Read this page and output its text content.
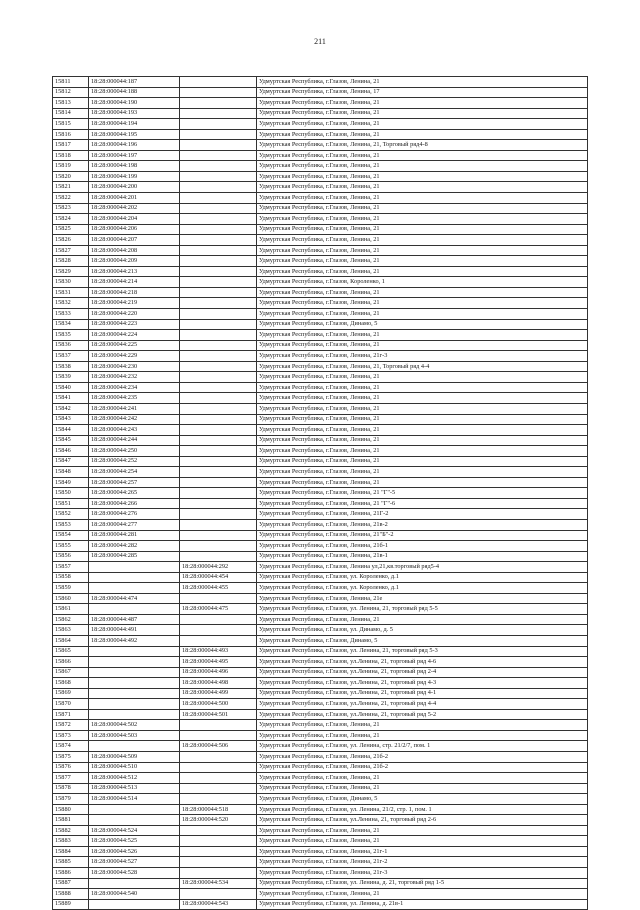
211
15811	18:28:000044:187		Удмуртская Республика, г.Глазов, Ленина, 21
15812	18:28:000044:188		Удмуртская Республика, г.Глазов, Ленина, 17
15813	18:28:000044:190		Удмуртская Республика, г.Глазов, Ленина, 21
15814	18:28:000044:193		Удмуртская Республика, г.Глазов, Ленина, 21
15815	18:28:000044:194		Удмуртская Республика, г.Глазов, Ленина, 21
15816	18:28:000044:195		Удмуртская Республика, г.Глазов, Ленина, 21
15817	18:28:000044:196		Удмуртская Республика, г.Глазов, Ленина, 21, Торговый ряд4-8
15818	18:28:000044:197		Удмуртская Республика, г.Глазов, Ленина, 21
15819	18:28:000044:198		Удмуртская Республика, г.Глазов, Ленина, 21
15820	18:28:000044:199		Удмуртская Республика, г.Глазов, Ленина, 21
15821	18:28:000044:200		Удмуртская Республика, г.Глазов, Ленина, 21
15822	18:28:000044:201		Удмуртская Республика, г.Глазов, Ленина, 21
15823	18:28:000044:202		Удмуртская Республика, г.Глазов, Ленина, 21
15824	18:28:000044:204		Удмуртская Республика, г.Глазов, Ленина, 21
15825	18:28:000044:206		Удмуртская Республика, г.Глазов, Ленина, 21
15826	18:28:000044:207		Удмуртская Республика, г.Глазов, Ленина, 21
15827	18:28:000044:208		Удмуртская Республика, г.Глазов, Ленина, 21
15828	18:28:000044:209		Удмуртская Республика, г.Глазов, Ленина, 21
15829	18:28:000044:213		Удмуртская Республика, г.Глазов, Ленина, 21
15830	18:28:000044:214		Удмуртская Республика, г.Глазов, Короленко, 1
15831	18:28:000044:218		Удмуртская Республика, г.Глазов, Ленина, 21
15832	18:28:000044:219		Удмуртская Республика, г.Глазов, Ленина, 21
15833	18:28:000044:220		Удмуртская Республика, г.Глазов, Ленина, 21
15834	18:28:000044:223		Удмуртская Республика, г.Глазов, Динамо, 5
15835	18:28:000044:224		Удмуртская Республика, г.Глазов, Ленина, 21
15836	18:28:000044:225		Удмуртская Республика, г.Глазов, Ленина, 21
15837	18:28:000044:229		Удмуртская Республика, г.Глазов, Ленина, 21г-3
15838	18:28:000044:230		Удмуртская Республика, г.Глазов, Ленина, 21, Торговый ряд 4-4
15839	18:28:000044:232		Удмуртская Республика, г.Глазов, Ленина, 21
15840	18:28:000044:234		Удмуртская Республика, г.Глазов, Ленина, 21
15841	18:28:000044:235		Удмуртская Республика, г.Глазов, Ленина, 21
15842	18:28:000044:241		Удмуртская Республика, г.Глазов, Ленина, 21
15843	18:28:000044:242		Удмуртская Республика, г.Глазов, Ленина, 21
15844	18:28:000044:243		Удмуртская Республика, г.Глазов, Ленина, 21
15845	18:28:000044:244		Удмуртская Республика, г.Глазов, Ленина, 21
15846	18:28:000044:250		Удмуртская Республика, г.Глазов, Ленина, 21
15847	18:28:000044:252		Удмуртская Республика, г.Глазов, Ленина, 21
15848	18:28:000044:254		Удмуртская Республика, г.Глазов, Ленина, 21
15849	18:28:000044:257		Удмуртская Республика, г.Глазов, Ленина, 21
15850	18:28:000044:265		Удмуртская Республика, г.Глазов, Ленина, 21 "Г"-5
15851	18:28:000044:266		Удмуртская Республика, г.Глазов, Ленина, 21 "Г"-6
15852	18:28:000044:276		Удмуртская Республика, г.Глазов, Ленина, 21Г-2
15853	18:28:000044:277		Удмуртская Республика, г.Глазов, Ленина, 21в-2
15854	18:28:000044:281		Удмуртская Республика, г.Глазов, Ленина, 21"Б"-2
15855	18:28:000044:282		Удмуртская Республика, г.Глазов, Ленина, 21б-1
15856	18:28:000044:285		Удмуртская Республика, г.Глазов, Ленина, 21в-1
15857		18:28:000044:292	Удмуртская Республика, г.Глазов, Ленина ул,21,кв.торговый ряд5-4
15858		18:28:000044:454	Удмуртская Республика, г.Глазов, ул. Короленко, д.1
15859		18:28:000044:455	Удмуртская Республика, г.Глазов, ул. Короленко, д.1
15860	18:28:000044:474		Удмуртская Республика, г.Глазов, Ленина, 21е
15861		18:28:000044:475	Удмуртская Республика, г.Глазов, ул. Ленина, 21, торговый ряд 5-5
15862	18:28:000044:487		Удмуртская Республика, г.Глазов, Ленина, 21
15863	18:28:000044:491		Удмуртская Республика, г.Глазов, ул. Динамо, д. 5
15864	18:28:000044:492		Удмуртская Республика, г.Глазов, Динамо, 5
15865		18:28:000044:493	Удмуртская Республика, г.Глазов, ул. Ленина, 21, торговый ряд 5-3
15866		18:28:000044:495	Удмуртская Республика, г.Глазов, ул.Ленина, 21, торговый ряд 4-6
15867		18:28:000044:496	Удмуртская Республика, г.Глазов, ул.Ленина, 21, торговый ряд 2-4
15868		18:28:000044:498	Удмуртская Республика, г.Глазов, ул.Ленина, 21, торговый ряд 4-3
15869		18:28:000044:499	Удмуртская Республика, г.Глазов, ул.Ленина, 21, торговый ряд 4-1
15870		18:28:000044:500	Удмуртская Республика, г.Глазов, ул.Ленина, 21, торговый ряд 4-4
15871		18:28:000044:501	Удмуртская Республика, г.Глазов, ул.Ленина, 21, торговый ряд 5-2
15872	18:28:000044:502		Удмуртская Республика, г.Глазов, Ленина, 21
15873	18:28:000044:503		Удмуртская Республика, г.Глазов, Ленина, 21
15874		18:28:000044:506	Удмуртская Республика, г.Глазов, ул. Ленина, стр. 21/2/7, пом. 1
15875	18:28:000044:509		Удмуртская Республика, г.Глазов, Ленина, 21б-2
15876	18:28:000044:510		Удмуртская Республика, г.Глазов, Ленина, 21б-2
15877	18:28:000044:512		Удмуртская Республика, г.Глазов, Ленина, 21
15878	18:28:000044:513		Удмуртская Республика, г.Глазов, Ленина, 21
15879	18:28:000044:514		Удмуртская Республика, г.Глазов, Динамо, 5
15880		18:28:000044:518	Удмуртская Республика, г.Глазов, ул. Ленина, 21/2, стр. 1, пом. 1
15881		18:28:000044:520	Удмуртская Республика, г.Глазов, ул.Ленина, 21, торговый ряд 2-6
15882	18:28:000044:524		Удмуртская Республика, г.Глазов, Ленина, 21
15883	18:28:000044:525		Удмуртская Республика, г.Глазов, Ленина, 21
15884	18:28:000044:526		Удмуртская Республика, г.Глазов, Ленина, 21г-1
15885	18:28:000044:527		Удмуртская Республика, г.Глазов, Ленина, 21г-2
15886	18:28:000044:528		Удмуртская Республика, г.Глазов, Ленина, 21г-3
15887		18:28:000044:534	Удмуртская Республика, г.Глазов, ул. Ленина, д. 21, торговый ряд 1-5
15888	18:28:000044:540		Удмуртская Республика, г.Глазов, Ленина, 21
15889		18:28:000044:543	Удмуртская Республика, г.Глазов, ул. Ленина, д. 21в-1
